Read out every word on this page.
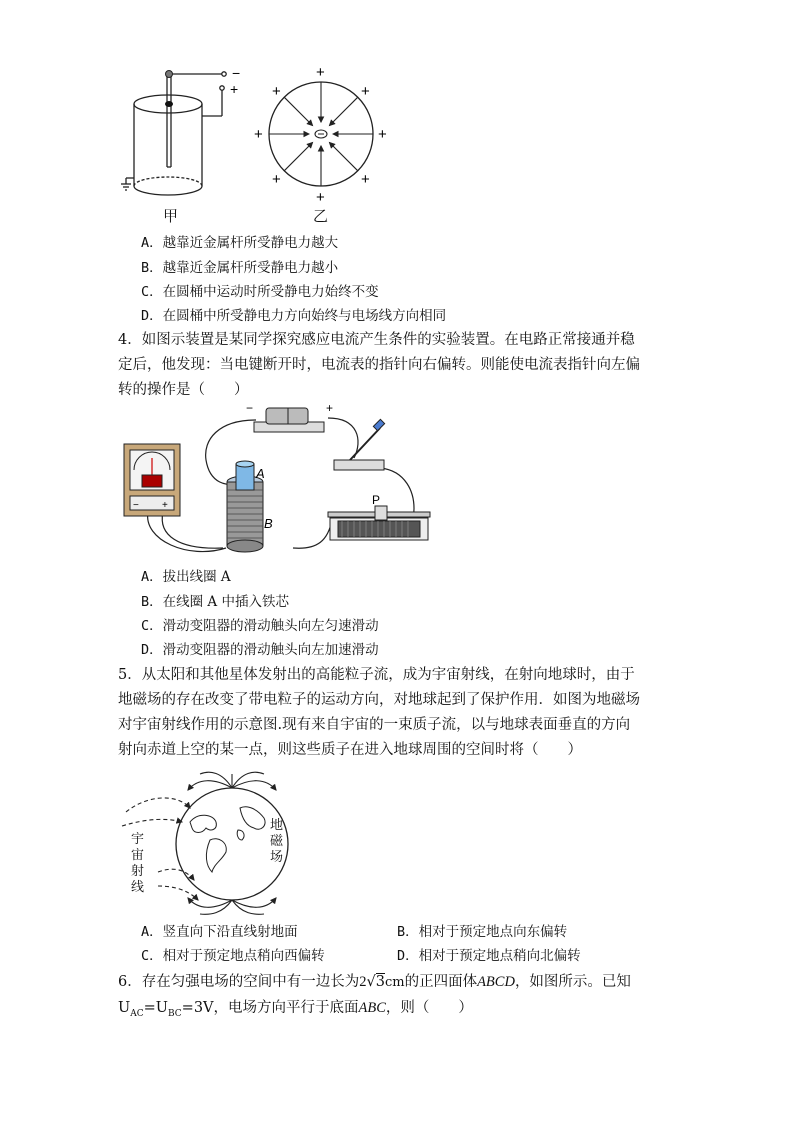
−
+
+
+
+	+
+	+
+	+
甲	乙
A．越靠近金属杆所受静电力越大
B．越靠近金属杆所受静电力越小
C．在圆桶中运动时所受静电力始终不变
D．在圆桶中所受静电力方向始终与电场线方向相同
4．如图示装置是某同学探究感应电流产生条件的实验装置。在电路正常接通并稳
定后，他发现：当电键断开时，电流表的指针向右偏转。则能使电流表指针向左偏
转的操作是（　　）
−	+
P
− +
A
B
A．拔出线圈 A
B．在线圈 A 中插入铁芯
C．滑动变阻器的滑动触头向左匀速滑动
D．滑动变阻器的滑动触头向左加速滑动
5．从太阳和其他星体发射出的高能粒子流，成为宇宙射线，在射向地球时，由于
地磁场的存在改变了带电粒子的运动方向，对地球起到了保护作用．如图为地磁场
对宇宙射线作用的示意图.现有来自宇宙的一束质子流，以与地球表面垂直的方向
射向赤道上空的某一点，则这些质子在进入地球周围的空间时将（　　）
宇
宙
射
线
地
磁
场
A．竖直向下沿直线射地面	B．相对于预定地点向东偏转
C．相对于预定地点稍向西偏转	D．相对于预定地点稍向北偏转
6．存在匀强电场的空间中有一边长为2√3cm的正四面体ABCD，如图所示。已知
$U_{AC}=U_{BC}=3V$，电场方向平行于底面ABC，则（　　）
